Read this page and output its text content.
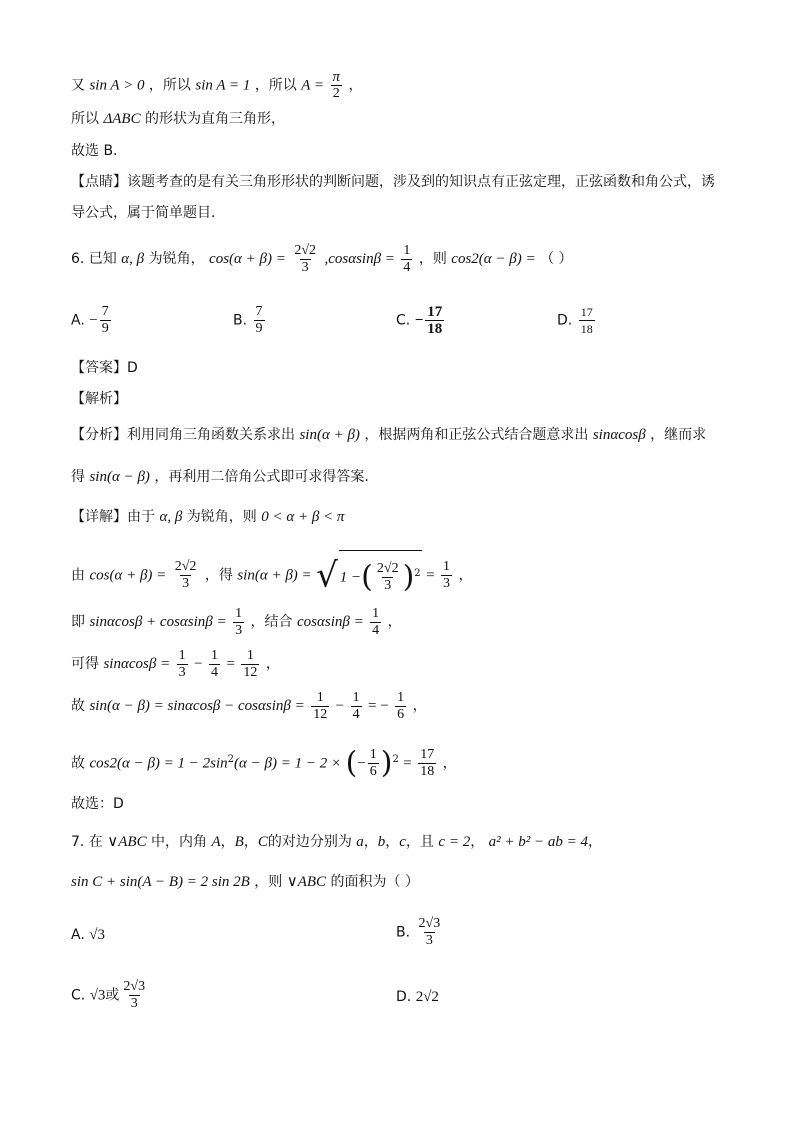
又 sin A > 0 ，所以 sin A = 1 ，所以 $A = \frac{\pi}{2}$ ，
所以 ΔABC 的形状为直角三角形，
故选 B.
【点睛】该题考查的是有关三角形形状的判断问题，涉及到的知识点有正弦定理，正弦函数和角公式，诱
导公式，属于简单题目.
6. 已知 α, β 为锐角， $\cos(\alpha + \beta) = \frac{2√2}{3} ,\cos\alpha\sin\beta = \frac{1}{4}$ ，则 cos2(α − β) = （ ）
A. − $\frac{7}{9}$	B. $\frac{7}{9}$	C. − $\frac{17}{18}$	D. $\frac{17}{18}$
【答案】D
【解析】
【分析】利用同角三角函数关系求出 sin(α + β) ，根据两角和正弦公式结合题意求出 sinαcosβ ，继而求
得 sin(α − β) ，再利用二倍角公式即可求得答案.
【详解】由于 α, β 为锐角，则 0 < α + β < π
由 $\cos(\alpha + \beta) = \frac{2√2}{3}$ ，得 sin(α + β) = √ 1 −( $\frac{2√2}{3} )^2 = \frac{1}{3}$ ，
即 $\sin\alpha\cos\beta + \cos\alpha\sin\beta = \frac{1}{3}$ ，结合 $\cos\alpha\sin\beta = \frac{1}{4}$ ，
可得 $\sin\alpha\cos\beta = \frac{1}{3} - \frac{1}{4} = \frac{1}{12}$ ，
故 $\sin(\alpha - \beta) = \sin\alpha\cos\beta - \cos\alpha\sin\beta = \frac{1}{12} - \frac{1}{4}$ = − $\frac{1}{6}$ ，
故 $\cos 2(\alpha - \beta) = 1 - 2\sin^2(\alpha - \beta) = 1 - 2$ × (− $\frac{1}{6} )^2 = \frac{17}{18}$ ，
故选：D
7. 在 ∨ABC 中，内角 A，B，C的对边分别为 a，b，c，且 c = 2， a² + b² − ab = 4，
sin C + sin(A − B) = 2 sin 2B ，则 ∨ABC 的面积为（ ）
A. √3	B. $\frac{2√3}{3}$
C. √3或 $\frac{2√3}{3}$	D. 2√2
